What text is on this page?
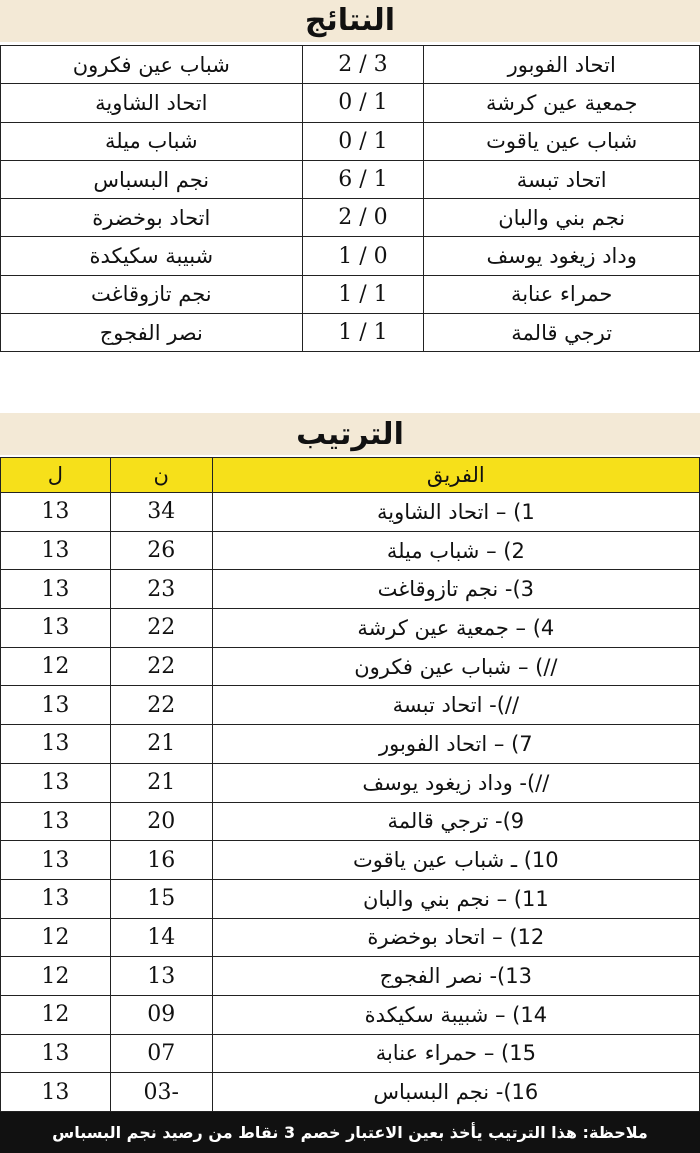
النتائج
اتحاد الفوبور	2 / 3	شباب عين فكرون
جمعية عين كرشة	0 / 1	اتحاد الشاوية
شباب عين ياقوت	0 / 1	شباب ميلة
اتحاد تبسة	6 / 1	نجم البسباس
نجم بني والبان	2 / 0	اتحاد بوخضرة
وداد زيغود يوسف	1 / 0	شبيبة سكيكدة
حمراء عنابة	1 / 1	نجم تازوقاغت
ترجي قالمة	1 / 1	نصر الفجوج
الترتيب
الفريق	ن	ل
1) – اتحاد الشاوية	34	13
2) – شباب ميلة	26	13
3)- نجم تازوقاغت	23	13
4) – جمعية عين كرشة	22	13
//) – شباب عين فكرون	22	12
//)- اتحاد تبسة	22	13
7) – اتحاد الفوبور	21	13
//)- وداد زيغود يوسف	21	13
9)- ترجي قالمة	20	13
10) ـ شباب عين ياقوت	16	13
11) – نجم بني والبان	15	13
12) – اتحاد بوخضرة	14	12
13)- نصر الفجوج	13	12
14) – شبيبة سكيكدة	09	12
15) – حمراء عنابة	07	13
16)- نجم البسباس	-03	13
ملاحظة: هذا الترتيب يأخذ بعين الاعتبار خصم 3 نقاط من رصيد نجم البسباس
